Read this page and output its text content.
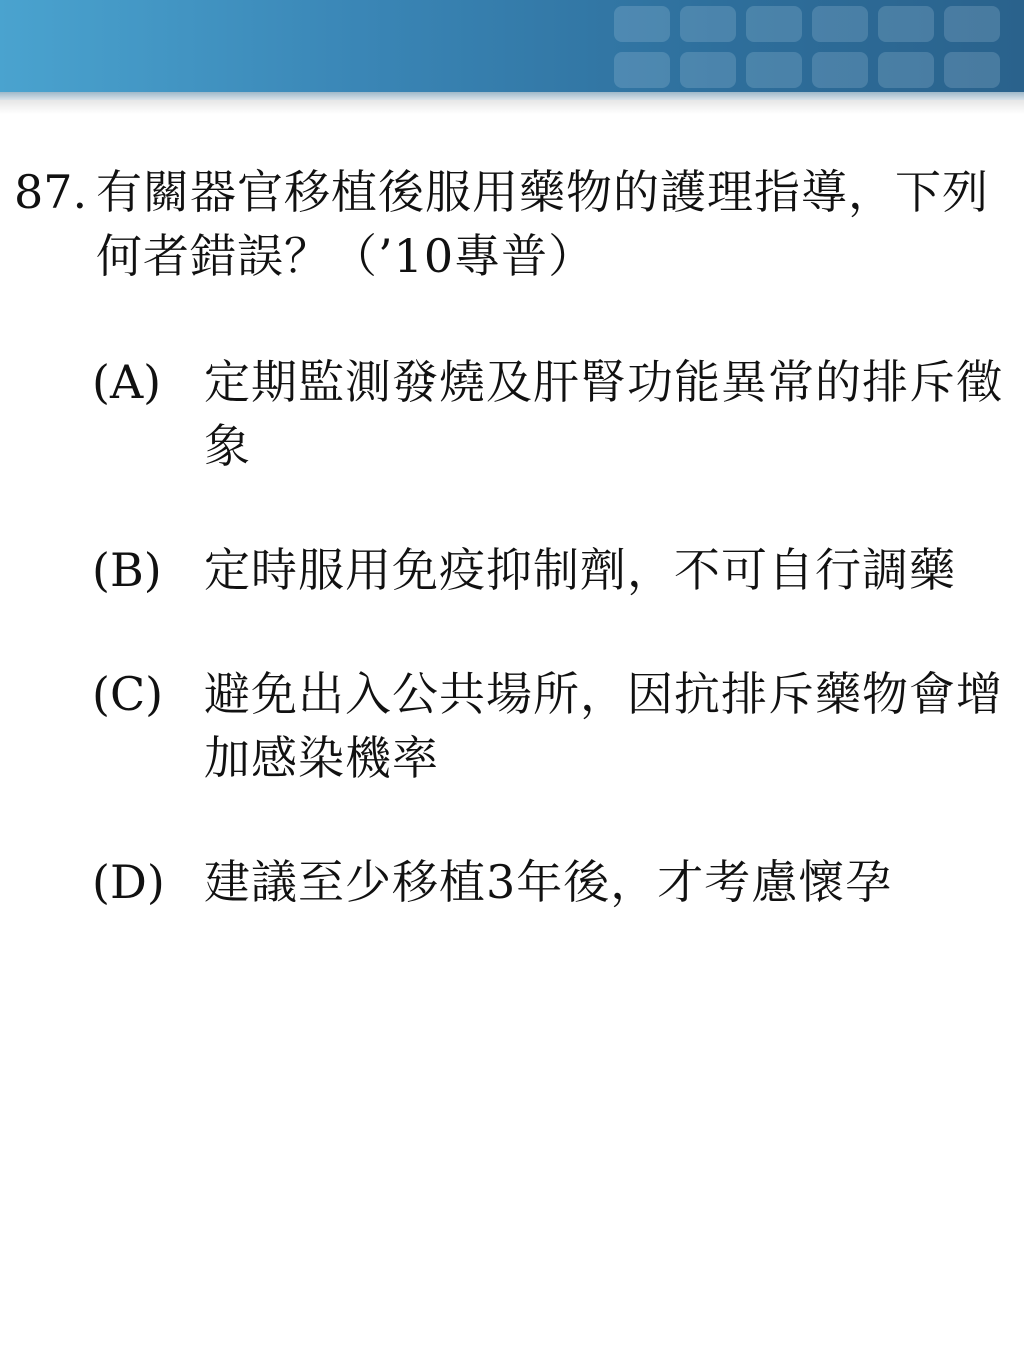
87. 有關器官移植後服用藥物的護理指導，下列何者錯誤？（’10專普）
(A) 定期監測發燒及肝腎功能異常的排斥徵象
(B) 定時服用免疫抑制劑，不可自行調藥
(C) 避免出入公共場所，因抗排斥藥物會增加感染機率
(D) 建議至少移植3年後，才考慮懷孕
